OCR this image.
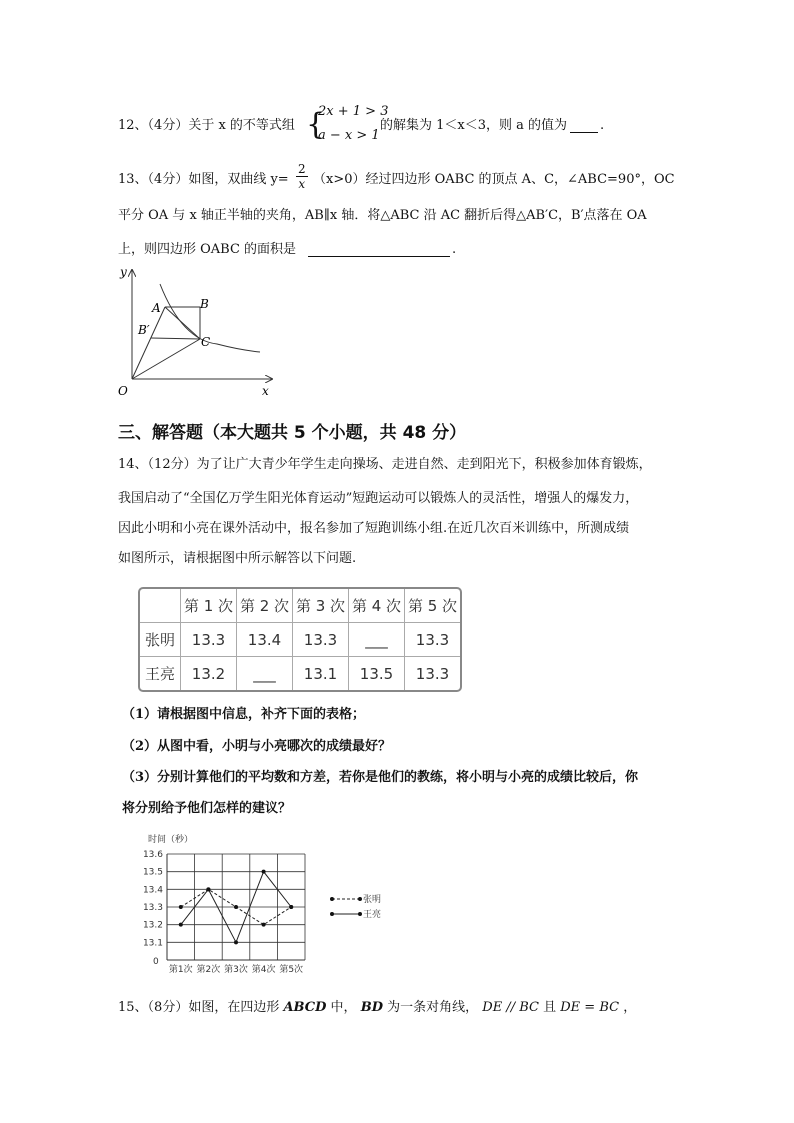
12、（4分）关于 x 的不等式组 {
2x + 1 > 3
a − x > 1
的解集为 1＜x＜3，则 a 的值为	.
13、（4分）如图，双曲线 $y= \frac{2}{x} (x>0)$经过四边形 OABC 的顶点 A、C，∠ABC=90°，OC
平分 OA 与 x 轴正半轴的夹角，AB∥x 轴．将△ABC 沿 AC 翻折后得△AB′C，B′点落在 OA
上，则四边形 OABC 的面积是	.
y
x
O
A	B
B′
C
三、解答题（本大题共 5 个小题，共 48 分）
14、（12分）为了让广大青少年学生走向操场、走进自然、走到阳光下，积极参加体育锻炼，
我国启动了“全国亿万学生阳光体育运动”短跑运动可以锻炼人的灵活性，增强人的爆发力，
因此小明和小亮在课外活动中，报名参加了短跑训练小组.在近几次百米训练中，所测成绩
如图所示，请根据图中所示解答以下问题.
	第 1 次	第 2 次	第 3 次	第 4 次	第 5 次
张明	13.3	13.4	13.3	___	13.3
王亮	13.2	___	13.1	13.5	13.3
（1）请根据图中信息，补齐下面的表格；
（2）从图中看，小明与小亮哪次的成绩最好？
（3）分别计算他们的平均数和方差，若你是他们的教练，将小明与小亮的成绩比较后，你
将分别给予他们怎样的建议？
时间（秒）
0
13.6
13.5
13.4
13.3
13.2
13.1
第1次 第2次 第3次 第4次 第5次
张明
王亮
15、（8分）如图，在四边形 ABCD 中， BD 为一条对角线， DE // BC 且 DE = BC ，
